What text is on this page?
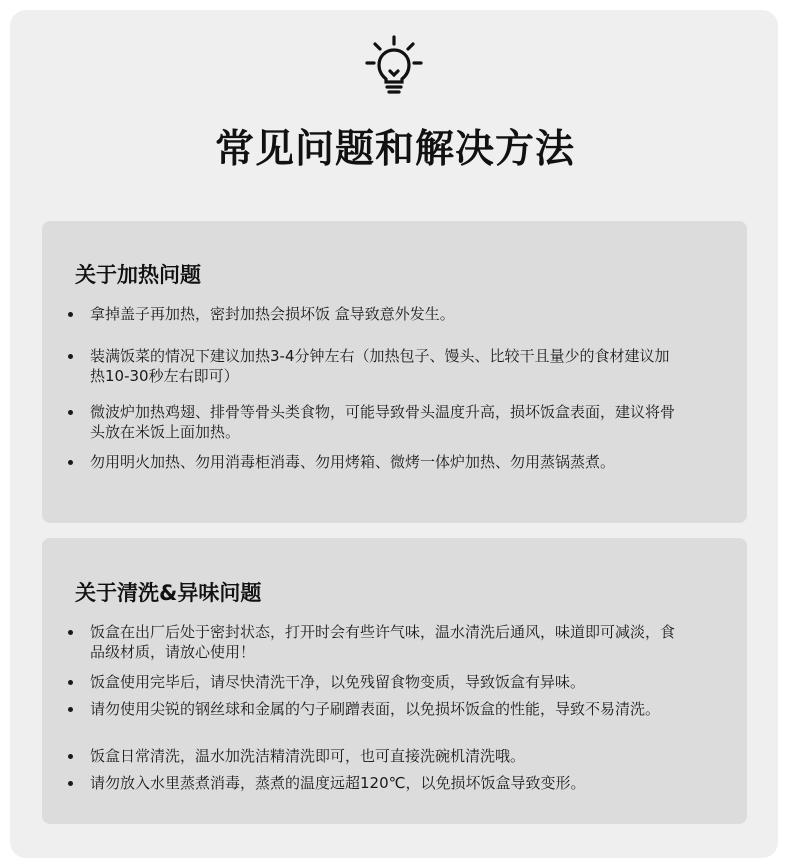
常见问题和解决方法
关于加热问题
拿掉盖子再加热，密封加热会损坏饭 盒导致意外发生。
装满饭菜的情况下建议加热3-4分钟左右（加热包子、馒头、比较干且量少的食材建议加热10-30秒左右即可）
微波炉加热鸡翅、排骨等骨头类食物，可能导致骨头温度升高，损坏饭盒表面，建议将骨头放在米饭上面加热。
勿用明火加热、勿用消毒柜消毒、勿用烤箱、微烤一体炉加热、勿用蒸锅蒸煮。
关于清洗&异味问题
饭盒在出厂后处于密封状态，打开时会有些许气味，温水清洗后通风，味道即可减淡，食品级材质，请放心使用！
饭盒使用完毕后，请尽快清洗干净，以免残留食物变质，导致饭盒有异味。
请勿使用尖锐的钢丝球和金属的勺子刷蹭表面，以免损坏饭盒的性能，导致不易清洗。
饭盒日常清洗，温水加洗洁精清洗即可，也可直接洗碗机清洗哦。
请勿放入水里蒸煮消毒，蒸煮的温度远超120℃，以免损坏饭盒导致变形。
